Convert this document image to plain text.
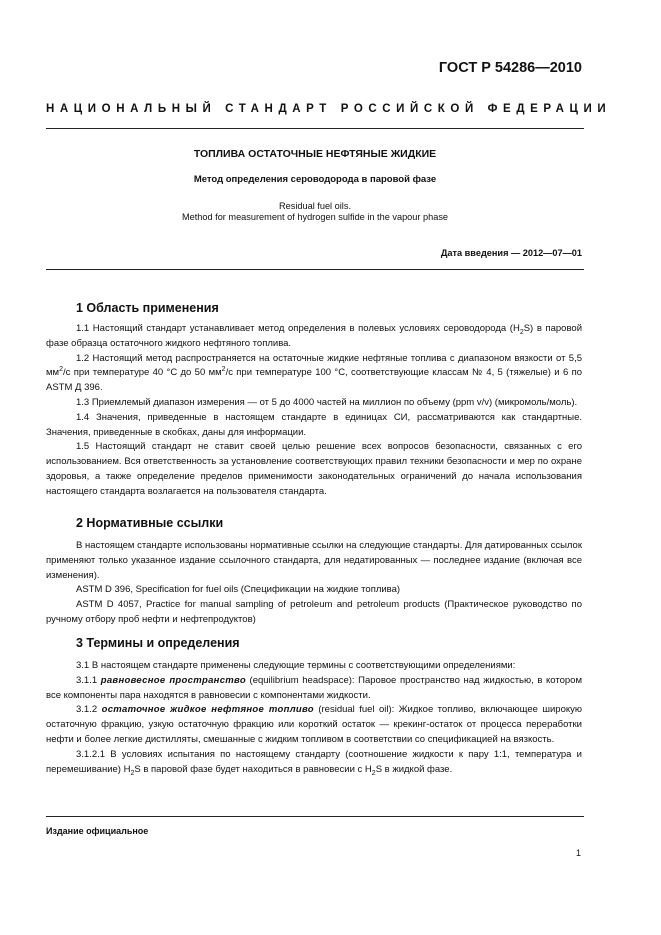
ГОСТ Р 54286—2010
НАЦИОНАЛЬНЫЙ СТАНДАРТ РОССИЙСКОЙ ФЕДЕРАЦИИ
ТОПЛИВА ОСТАТОЧНЫЕ НЕФТЯНЫЕ ЖИДКИЕ
Метод определения сероводорода в паровой фазе
Residual fuel oils.
Method for measurement of hydrogen sulfide in the vapour phase
Дата введения — 2012—07—01
1 Область применения

1.1 Настоящий стандарт устанавливает метод определения в полевых условиях сероводорода $(H_2S)$ в паровой фазе образца остаточного жидкого нефтяного топлива.

1.2 Настоящий метод распространяется на остаточные жидкие нефтяные топлива с диапазоном вязкости от 5,5 $мм^2/с$ при температуре 40 °С до 50 $мм^2/с$ при температуре 100 °С, соответствующие классам № 4, 5 (тяжелые) и 6 по ASTM Д 396.

1.3 Приемлемый диапазон измерения — от 5 до 4000 частей на миллион по объему (ppm v/v) (микромоль/моль).

1.4 Значения, приведенные в настоящем стандарте в единицах СИ, рассматриваются как стандартные. Значения, приведенные в скобках, даны для информации.

1.5 Настоящий стандарт не ставит своей целью решение всех вопросов безопасности, связанных с его использованием. Вся ответственность за установление соответствующих правил техники безопасности и мер по охране здоровья, а также определение пределов применимости законодательных ограничений до начала использования настоящего стандарта возлагается на пользователя стандарта.

2 Нормативные ссылки

В настоящем стандарте использованы нормативные ссылки на следующие стандарты. Для датированных ссылок применяют только указанное издание ссылочного стандарта, для недатированных — последнее издание (включая все изменения).

ASTM D 396, Specification for fuel oils (Спецификации на жидкие топлива)

ASTM D 4057, Practice for manual sampling of petroleum and petroleum products (Практическое руководство по ручному отбору проб нефти и нефтепродуктов)

3 Термины и определения

3.1 В настоящем стандарте применены следующие термины с соответствующими определениями:

3.1.1 равновесное пространство (equilibrium headspace): Паровое пространство над жидкостью, в котором все компоненты пара находятся в равновесии с компонентами жидкости.

3.1.2 остаточное жидкое нефтяное топливо (residual fuel oil): Жидкое топливо, включающее широкую остаточную фракцию, узкую остаточную фракцию или короткий остаток — крекинг-остаток от процесса переработки нефти и более легкие дистилляты, смешанные с жидким топливом в соответствии со спецификацией на вязкость.

3.1.2.1 В условиях испытания по настоящему стандарту (соотношение жидкости к пару 1:1, температура и перемешивание) $H_2S$ в паровой фазе будет находиться в равновесии с $H_2S$ в жидкой фазе.

Издание официальное
1
